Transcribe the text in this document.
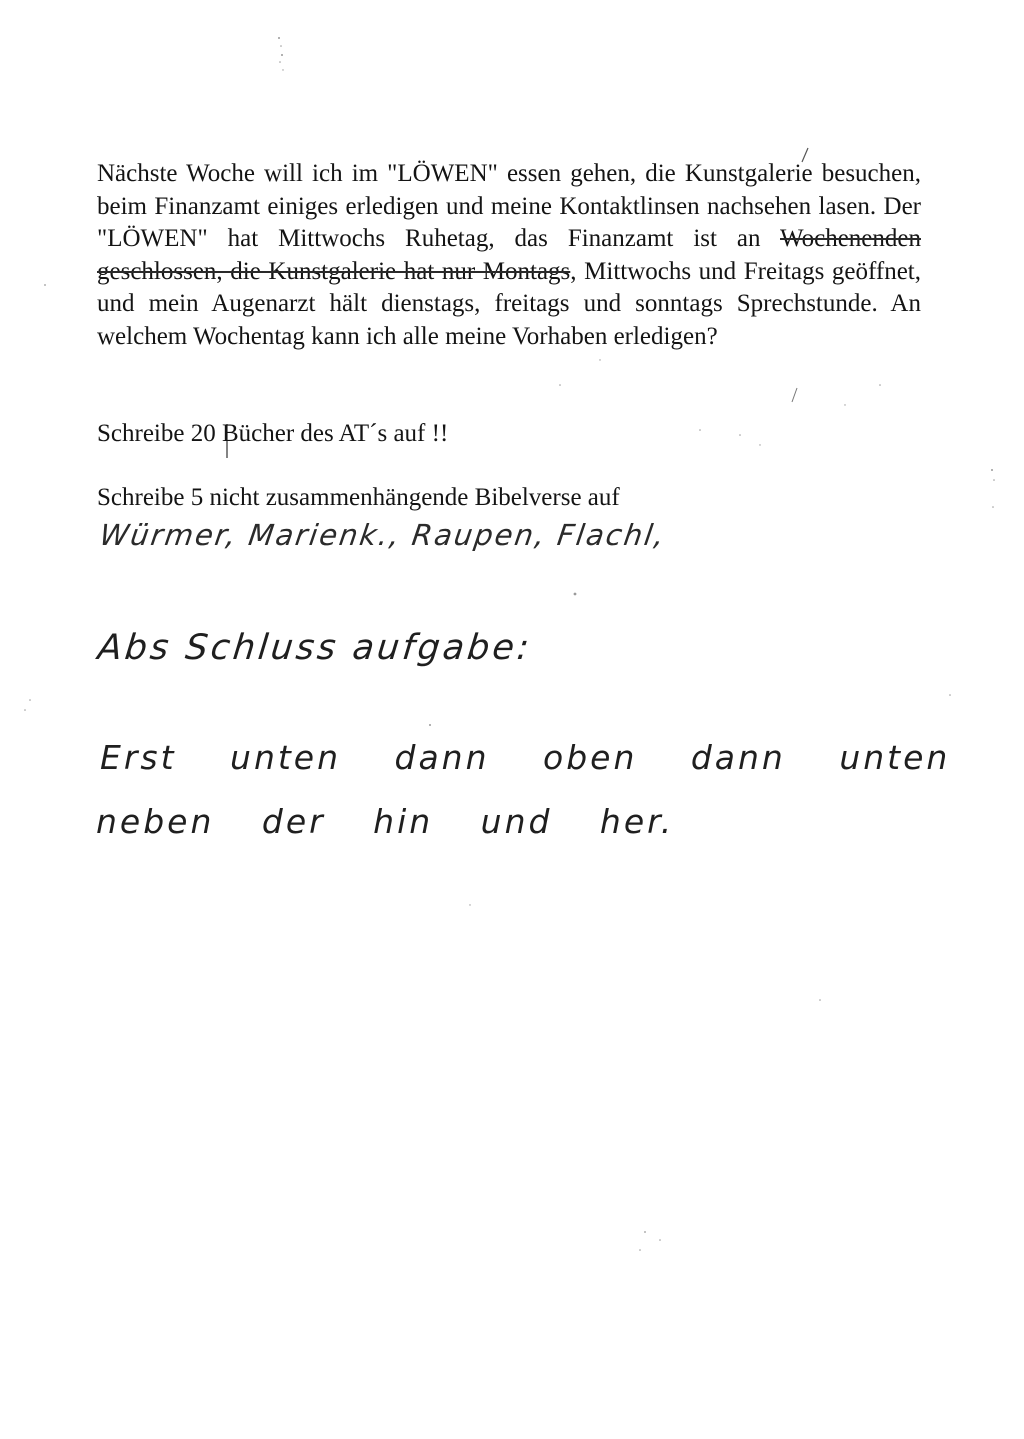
Nächste Woche will ich im "LÖWEN" essen gehen, die Kunstgalerie besuchen, beim Finanzamt einiges erledigen und meine Kontaktlinsen nachsehen lasen. Der "LÖWEN" hat Mittwochs Ruhetag, das Finanzamt ist an Wochenenden geschlossen, die Kunstgalerie hat nur Montags, Mittwochs und Freitags geöffnet, und mein Augenarzt hält dienstags, freitags und sonntags Sprechstunde. An welchem Wochentag kann ich alle meine Vorhaben erledigen?

Schreibe 20 Bücher des AT´s auf !!

Schreibe 5 nicht zusammenhängende Bibelverse auf

Würmer, Marienk., Raupen, Flachl,

Abs Schluss aufgabe:

Erst unten dann oben dann unten

neben der hin und her.
